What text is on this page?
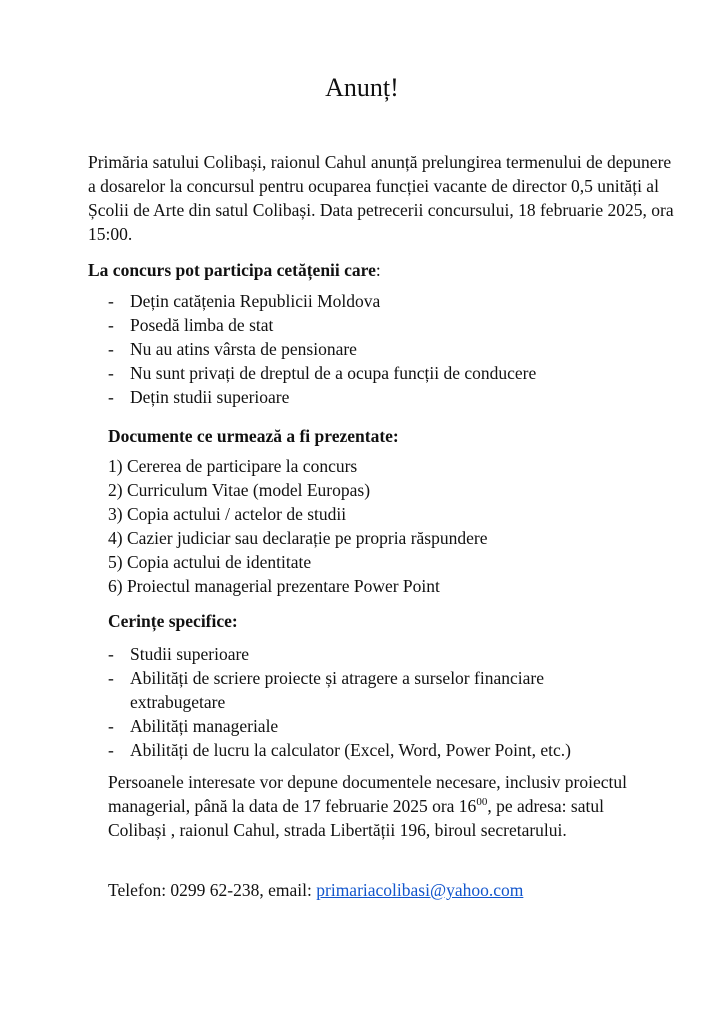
Anunț!
Primăria satului Colibași, raionul Cahul anunță prelungirea termenului de depunere a dosarelor la concursul pentru ocuparea funcției vacante de director 0,5 unități al Școlii de Arte din satul Colibași. Data petrecerii concursului, 18 februarie 2025, ora 15:00.
La concurs pot participa cetățenii care:
- Dețin catățenia Republicii Moldova
- Posedă limba de stat
- Nu au atins vârsta de pensionare
- Nu sunt privați de dreptul de a ocupa funcții de conducere
- Dețin studii superioare
Documente ce urmează a fi prezentate:
1) Cererea de participare la concurs
2) Curriculum Vitae (model Europas)
3) Copia actului / actelor de studii
4) Cazier judiciar sau declarație pe propria răspundere
5) Copia actului de identitate
6) Proiectul managerial prezentare Power Point
Cerințe specifice:
- Studii superioare
- Abilități de scriere proiecte și atragere a surselor financiare extrabugetare
- Abilități manageriale
- Abilități de lucru la calculator (Excel, Word, Power Point, etc.)
Persoanele interesate vor depune documentele necesare, inclusiv proiectul managerial, până la data de 17 februarie 2025 ora $16^{00}$, pe adresa: satul Colibași , raionul Cahul, strada Libertății 196, biroul secretarului.
Telefon: 0299 62-238, email: primariacolibasi@yahoo.com
